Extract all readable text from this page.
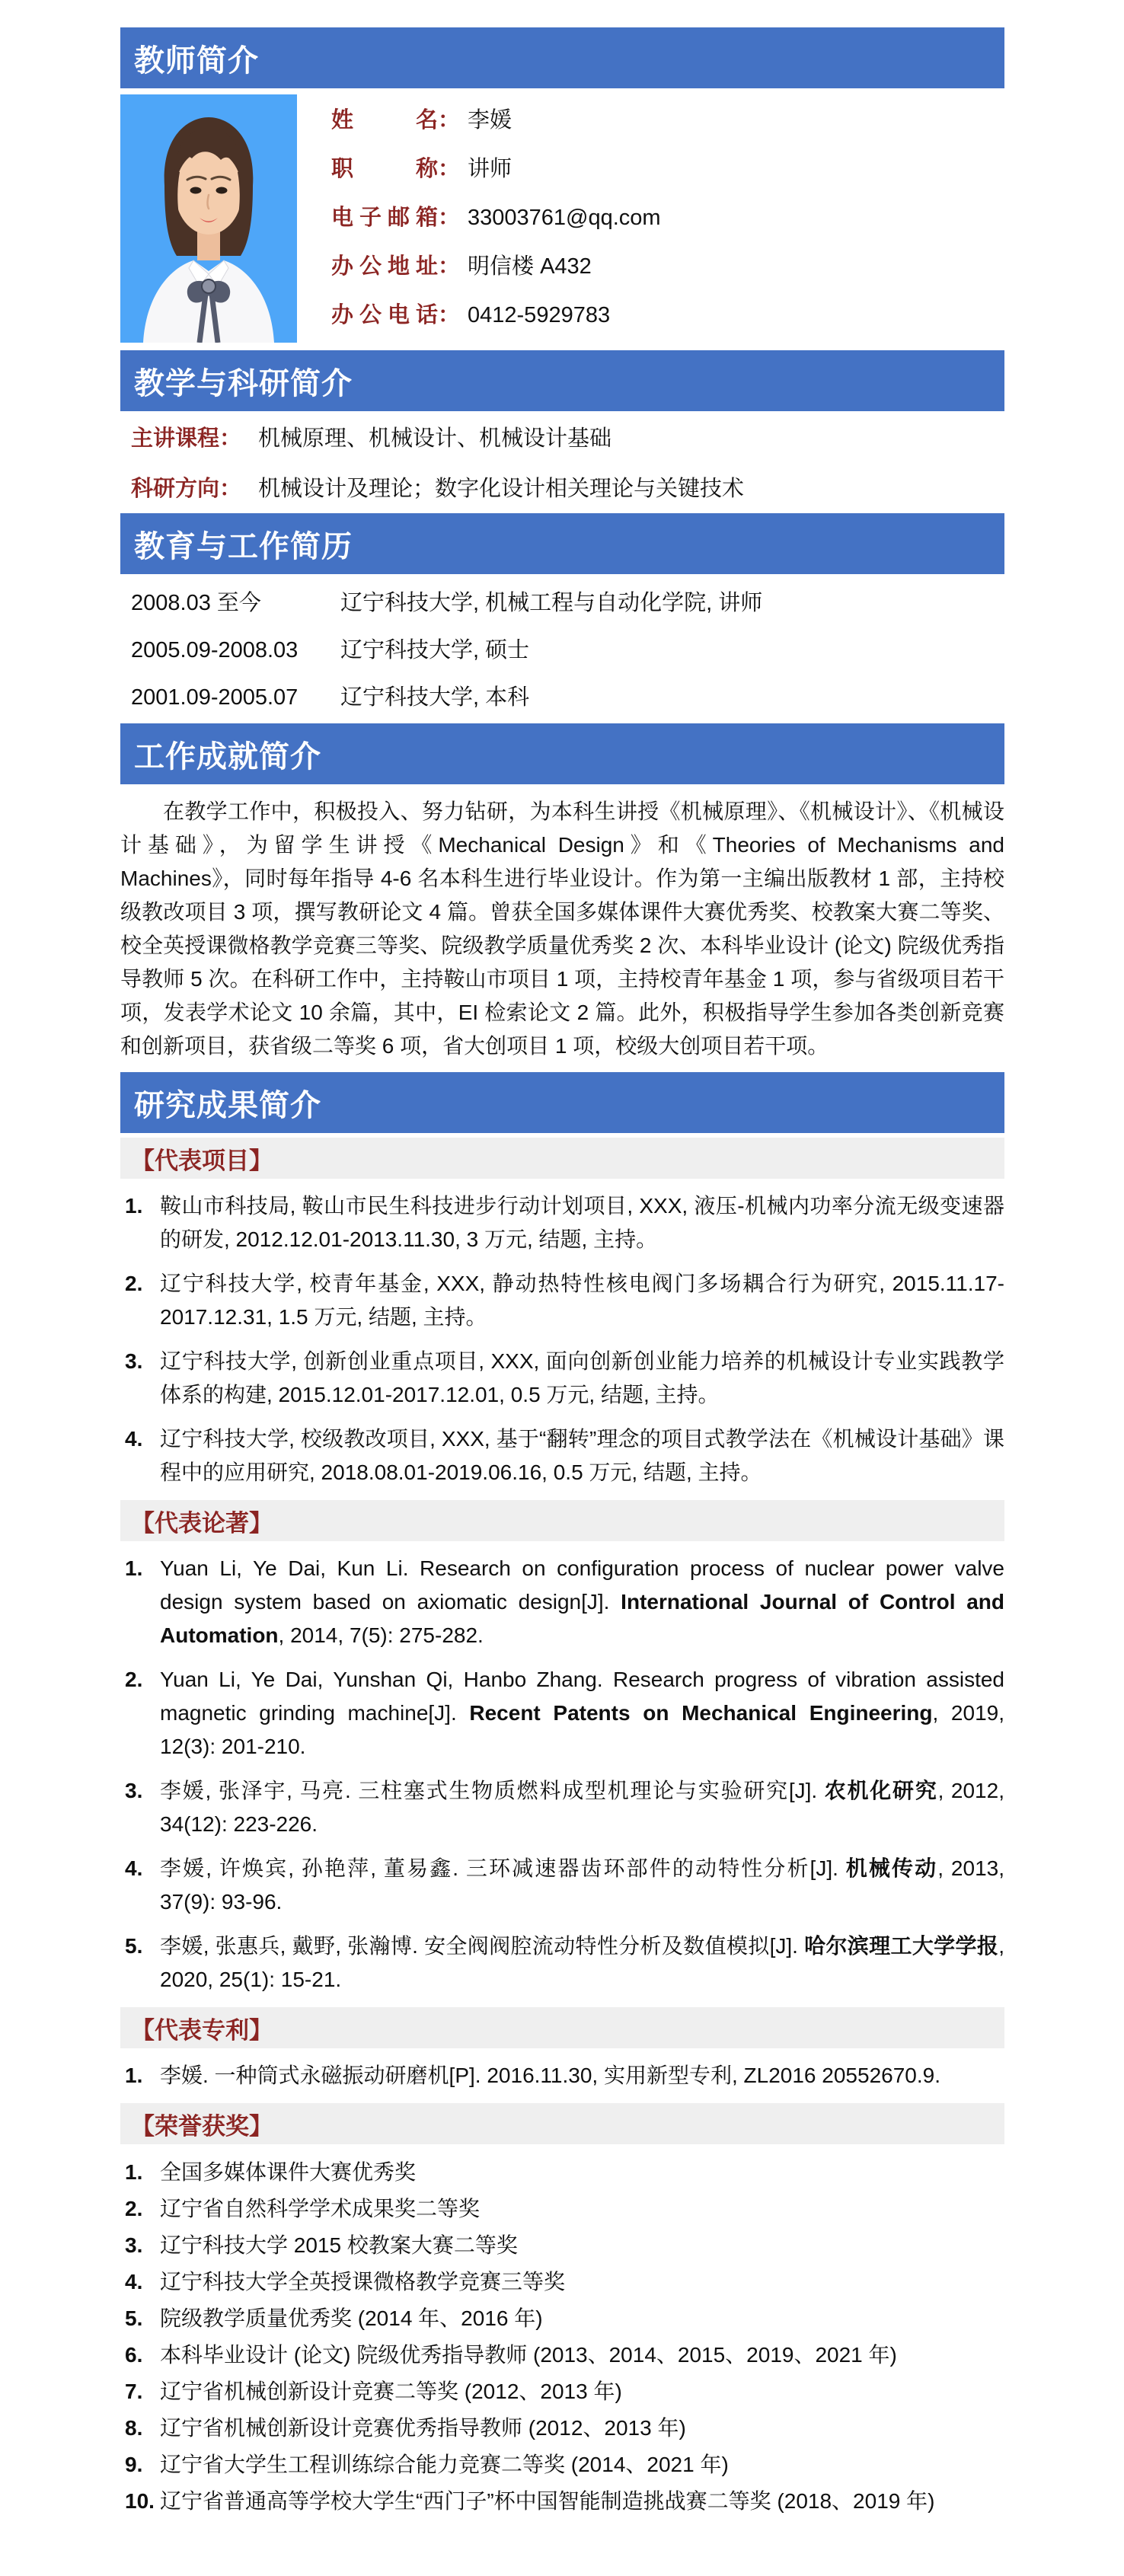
教师简介
姓名： 李媛
职称： 讲师
电子邮箱： 33003761@qq.com
办公地址： 明信楼 A432
办公电话： 0412-5929783
教学与科研简介
主讲课程： 机械原理、机械设计、机械设计基础
科研方向： 机械设计及理论；数字化设计相关理论与关键技术
教育与工作简历
2008.03 至今	辽宁科技大学, 机械工程与自动化学院, 讲师
2005.09-2008.03 辽宁科技大学, 硕士
2001.09-2005.07 辽宁科技大学, 本科
工作成就简介

在教学工作中，积极投入、努力钻研，为本科生讲授《机械原理》、《机械设计》、《机械设计基础》，为留学生讲授《Mechanical Design》和《Theories of Mechanisms and Machines》，同时每年指导 4-6 名本科生进行毕业设计。作为第一主编出版教材 1 部，主持校级教改项目 3 项，撰写教研论文 4 篇。曾获全国多媒体课件大赛优秀奖、校教案大赛二等奖、校全英授课微格教学竞赛三等奖、院级教学质量优秀奖 2 次、本科毕业设计 (论文) 院级优秀指导教师 5 次。在科研工作中，主持鞍山市项目 1 项，主持校青年基金 1 项，参与省级项目若干项，发表学术论文 10 余篇，其中，EI 检索论文 2 篇。此外，积极指导学生参加各类创新竞赛和创新项目，获省级二等奖 6 项，省大创项目 1 项，校级大创项目若干项。

研究成果简介
【代表项目】
1. 鞍山市科技局, 鞍山市民生科技进步行动计划项目, XXX, 液压-机械内功率分流无级变速器的研发, 2012.12.01-2013.11.30, 3 万元, 结题, 主持。
2. 辽宁科技大学, 校青年基金, XXX, 静动热特性核电阀门多场耦合行为研究, 2015.11.17-2017.12.31, 1.5 万元, 结题, 主持。
3. 辽宁科技大学, 创新创业重点项目, XXX, 面向创新创业能力培养的机械设计专业实践教学体系的构建, 2015.12.01-2017.12.01, 0.5 万元, 结题, 主持。
4. 辽宁科技大学, 校级教改项目, XXX, 基于“翻转”理念的项目式教学法在《机械设计基础》课程中的应用研究, 2018.08.01-2019.06.16, 0.5 万元, 结题, 主持。
【代表论著】
1. Yuan Li, Ye Dai, Kun Li. Research on configuration process of nuclear power valve design system based on axiomatic design[J]. International Journal of Control and Automation, 2014, 7(5): 275-282.
2. Yuan Li, Ye Dai, Yunshan Qi, Hanbo Zhang. Research progress of vibration assisted magnetic grinding machine[J]. Recent Patents on Mechanical Engineering, 2019, 12(3): 201-210.
3. 李媛, 张泽宇, 马亮. 三柱塞式生物质燃料成型机理论与实验研究[J]. 农机化研究, 2012, 34(12): 223-226.
4. 李媛, 许焕宾, 孙艳萍, 董易鑫. 三环减速器齿环部件的动特性分析[J]. 机械传动, 2013, 37(9): 93-96.
5. 李媛, 张惠兵, 戴野, 张瀚博. 安全阀阀腔流动特性分析及数值模拟[J]. 哈尔滨理工大学学报, 2020, 25(1): 15-21.
【代表专利】
1. 李媛. 一种筒式永磁振动研磨机[P]. 2016.11.30, 实用新型专利, ZL2016 20552670.9.
【荣誉获奖】
1. 全国多媒体课件大赛优秀奖
2. 辽宁省自然科学学术成果奖二等奖
3. 辽宁科技大学 2015 校教案大赛二等奖
4. 辽宁科技大学全英授课微格教学竞赛三等奖
5. 院级教学质量优秀奖 (2014 年、2016 年)
6. 本科毕业设计 (论文) 院级优秀指导教师 (2013、2014、2015、2019、2021 年)
7. 辽宁省机械创新设计竞赛二等奖 (2012、2013 年)
8. 辽宁省机械创新设计竞赛优秀指导教师 (2012、2013 年)
9. 辽宁省大学生工程训练综合能力竞赛二等奖 (2014、2021 年)
10. 辽宁省普通高等学校大学生“西门子”杯中国智能制造挑战赛二等奖 (2018、2019 年)
